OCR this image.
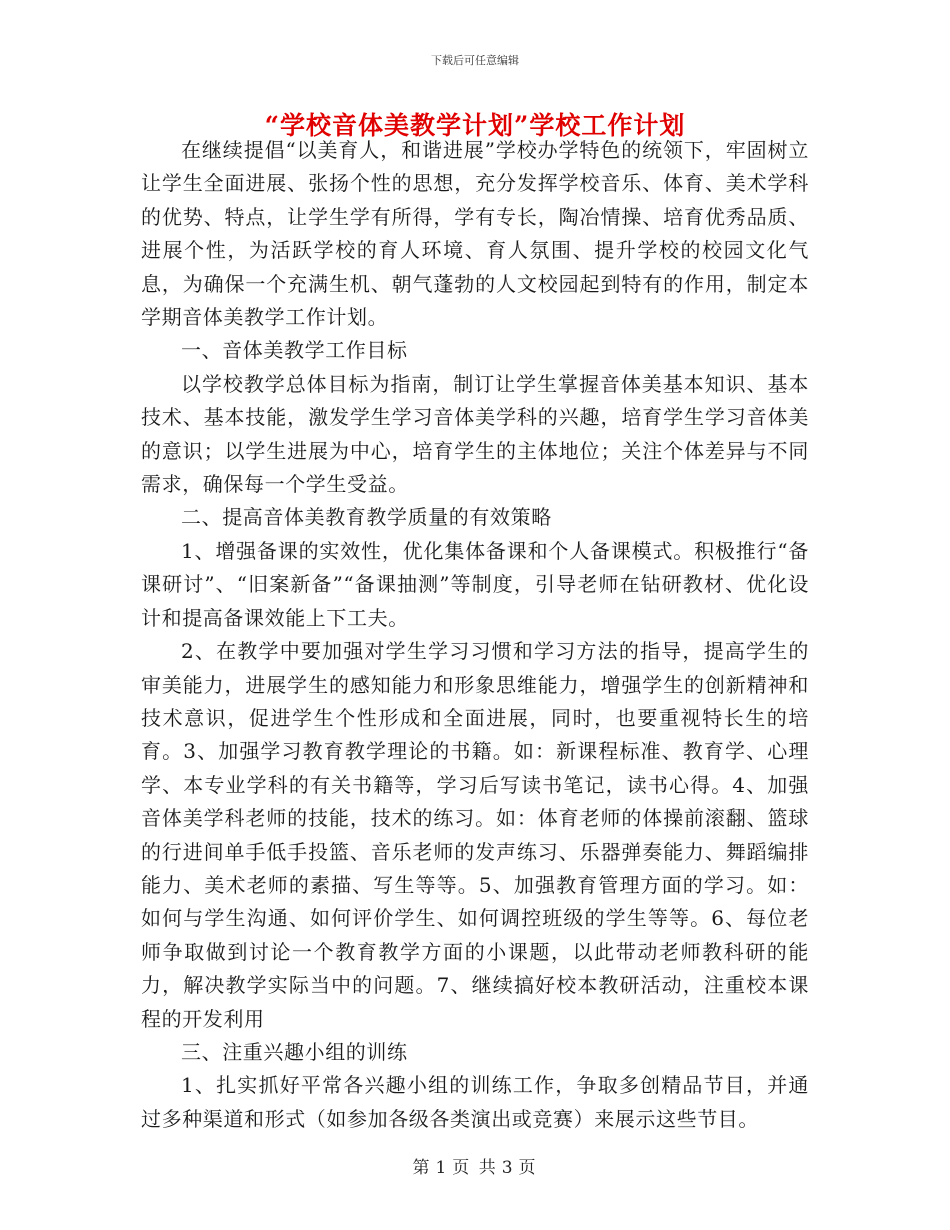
下载后可任意编辑
“学校音体美教学计划”学校工作计划

在继续提倡“以美育人，和谐进展”学校办学特色的统领下，牢固树立让学生全面进展、张扬个性的思想，充分发挥学校音乐、体育、美术学科的优势、特点，让学生学有所得，学有专长，陶冶情操、培育优秀品质、进展个性，为活跃学校的育人环境、育人氛围、提升学校的校园文化气息，为确保一个充满生机、朝气蓬勃的人文校园起到特有的作用，制定本学期音体美教学工作计划。

一、音体美教学工作目标

以学校教学总体目标为指南，制订让学生掌握音体美基本知识、基本技术、基本技能，激发学生学习音体美学科的兴趣，培育学生学习音体美的意识；以学生进展为中心，培育学生的主体地位；关注个体差异与不同需求，确保每一个学生受益。

二、提高音体美教育教学质量的有效策略

1、增强备课的实效性，优化集体备课和个人备课模式。积极推行“备课研讨”、“旧案新备”“备课抽测”等制度，引导老师在钻研教材、优化设计和提高备课效能上下工夫。

2、在教学中要加强对学生学习习惯和学习方法的指导，提高学生的审美能力，进展学生的感知能力和形象思维能力，增强学生的创新精神和技术意识，促进学生个性形成和全面进展，同时，也要重视特长生的培育。3、加强学习教育教学理论的书籍。如：新课程标准、教育学、心理学、本专业学科的有关书籍等，学习后写读书笔记，读书心得。4、加强音体美学科老师的技能，技术的练习。如：体育老师的体操前滚翻、篮球的行进间单手低手投篮、音乐老师的发声练习、乐器弹奏能力、舞蹈编排能力、美术老师的素描、写生等等。5、加强教育管理方面的学习。如：如何与学生沟通、如何评价学生、如何调控班级的学生等等。6、每位老师争取做到讨论一个教育教学方面的小课题，以此带动老师教科研的能力，解决教学实际当中的问题。7、继续搞好校本教研活动，注重校本课程的开发利用

三、注重兴趣小组的训练

1、扎实抓好平常各兴趣小组的训练工作，争取多创精品节目，并通过多种渠道和形式（如参加各级各类演出或竞赛）来展示这些节目。

第 1 页 共 3 页
